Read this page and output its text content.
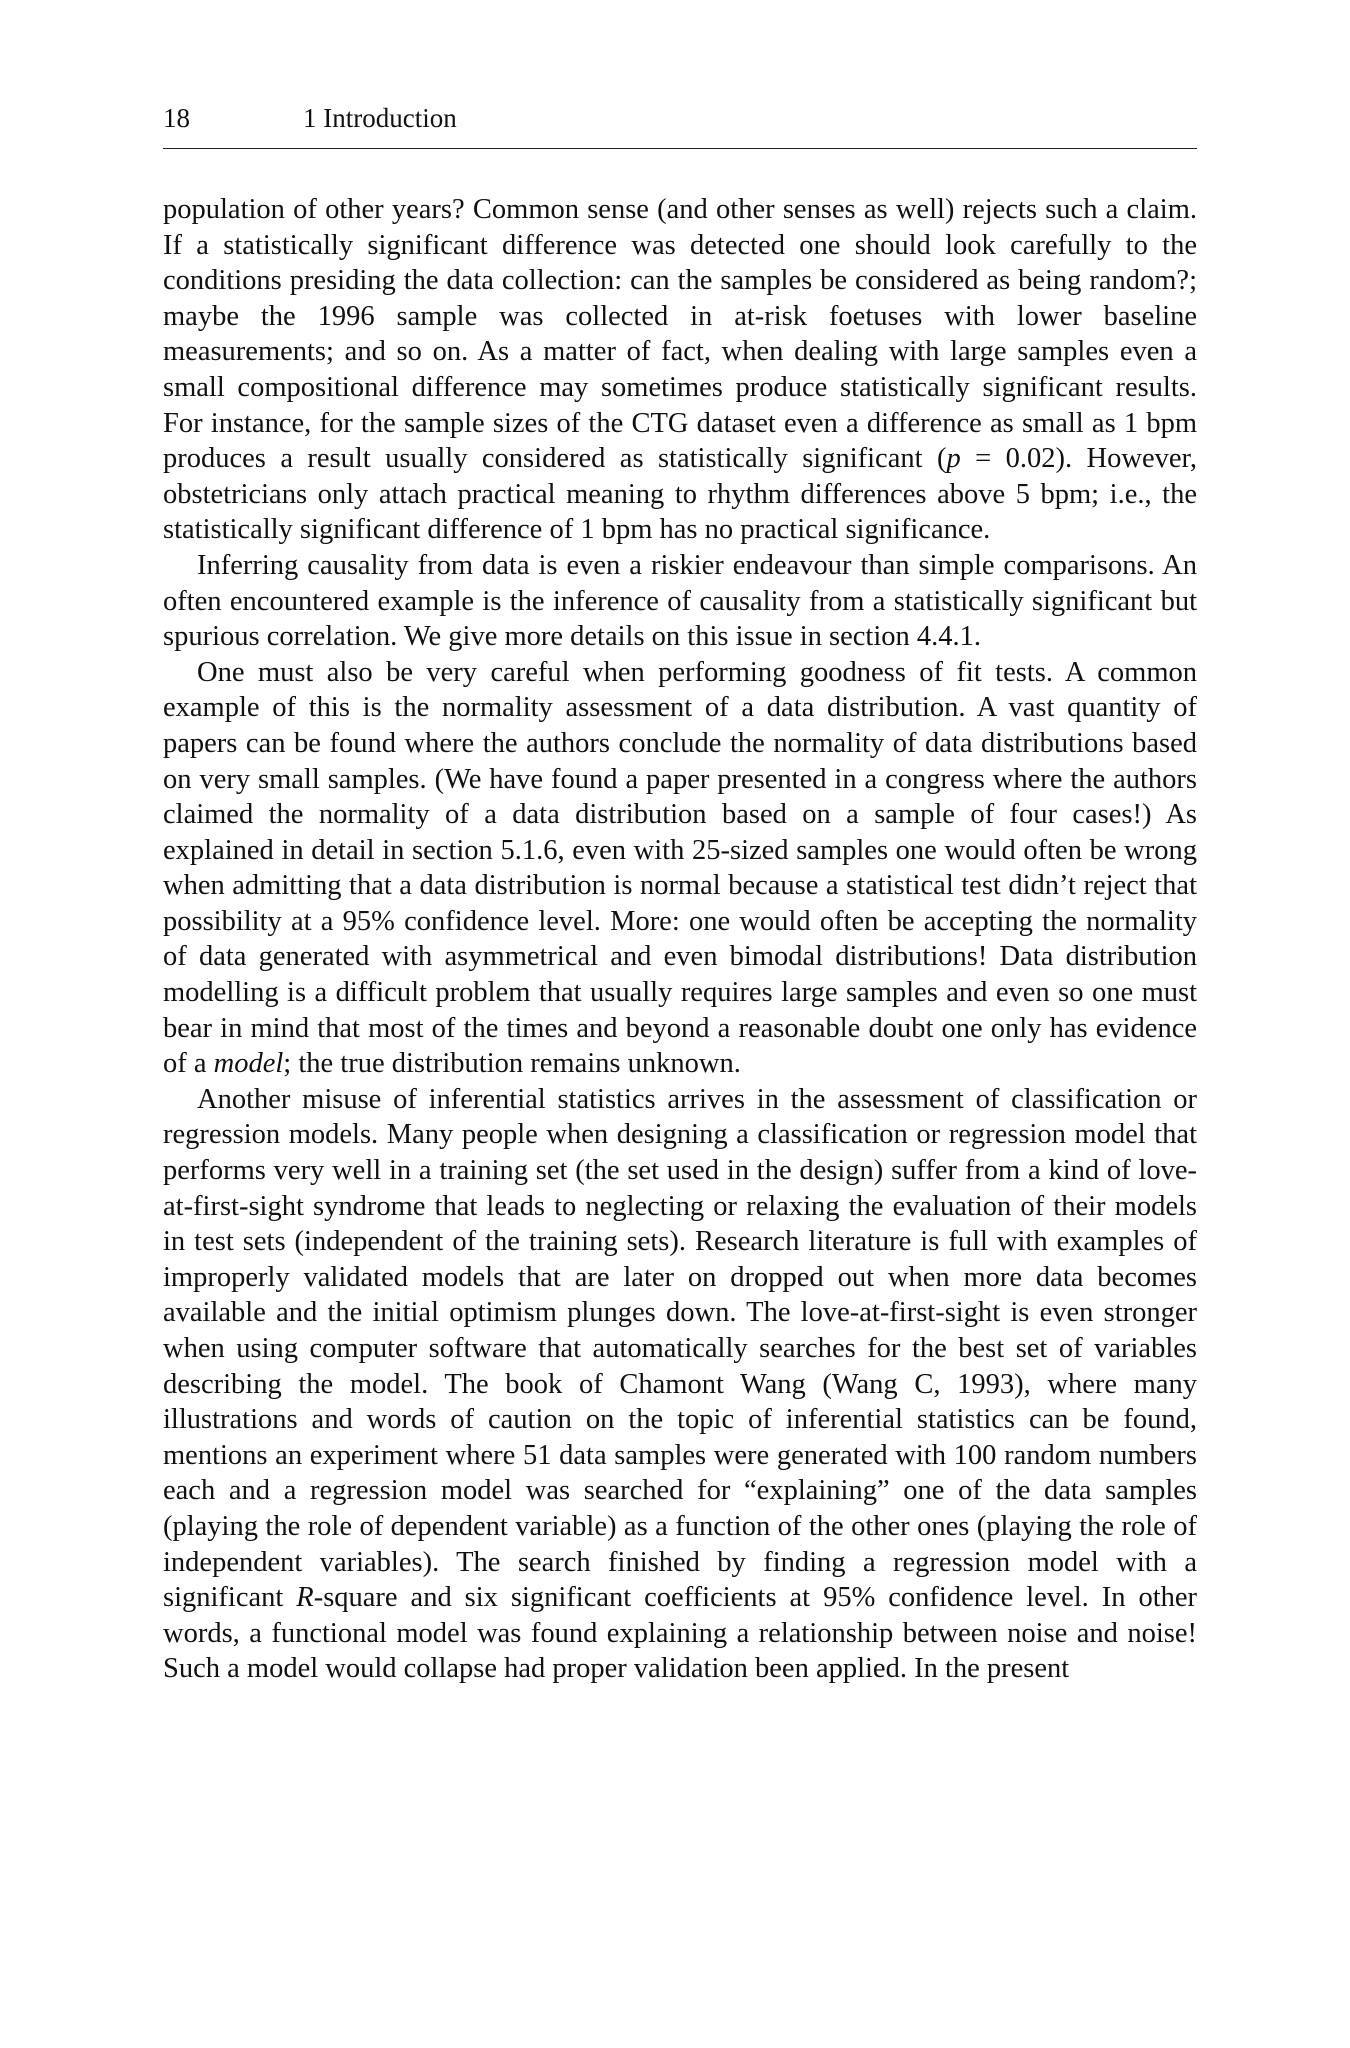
18	1 Introduction

population of other years? Common sense (and other senses as well) rejects such a claim. If a statistically significant difference was detected one should look carefully to the conditions presiding the data collection: can the samples be considered as being random?; maybe the 1996 sample was collected in at-risk foetuses with lower baseline measurements; and so on. As a matter of fact, when dealing with large samples even a small compositional difference may sometimes produce statistically significant results. For instance, for the sample sizes of the CTG dataset even a difference as small as 1 bpm produces a result usually considered as statistically significant (p = 0.02). However, obstetricians only attach practical meaning to rhythm differences above 5 bpm; i.e., the statistically significant difference of 1 bpm has no practical significance.

Inferring causality from data is even a riskier endeavour than simple comparisons. An often encountered example is the inference of causality from a statistically significant but spurious correlation. We give more details on this issue in section 4.4.1.

One must also be very careful when performing goodness of fit tests. A common example of this is the normality assessment of a data distribution. A vast quantity of papers can be found where the authors conclude the normality of data distributions based on very small samples. (We have found a paper presented in a congress where the authors claimed the normality of a data distribution based on a sample of four cases!) As explained in detail in section 5.1.6, even with 25-sized samples one would often be wrong when admitting that a data distribution is normal because a statistical test didn’t reject that possibility at a 95% confidence level. More: one would often be accepting the normality of data generated with asymmetrical and even bimodal distributions! Data distribution modelling is a difficult problem that usually requires large samples and even so one must bear in mind that most of the times and beyond a reasonable doubt one only has evidence of a model; the true distribution remains unknown.

Another misuse of inferential statistics arrives in the assessment of classification or regression models. Many people when designing a classification or regression model that performs very well in a training set (the set used in the design) suffer from a kind of love-at-first-sight syndrome that leads to neglecting or relaxing the evaluation of their models in test sets (independent of the training sets). Research literature is full with examples of improperly validated models that are later on dropped out when more data becomes available and the initial optimism plunges down. The love-at-first-sight is even stronger when using computer software that automatically searches for the best set of variables describing the model. The book of Chamont Wang (Wang C, 1993), where many illustrations and words of caution on the topic of inferential statistics can be found, mentions an experiment where 51 data samples were generated with 100 random numbers each and a regression model was searched for “explaining” one of the data samples (playing the role of dependent variable) as a function of the other ones (playing the role of independent variables). The search finished by finding a regression model with a significant R-square and six significant coefficients at 95% confidence level. In other words, a functional model was found explaining a relationship between noise and noise! Such a model would collapse had proper validation been applied. In the present
